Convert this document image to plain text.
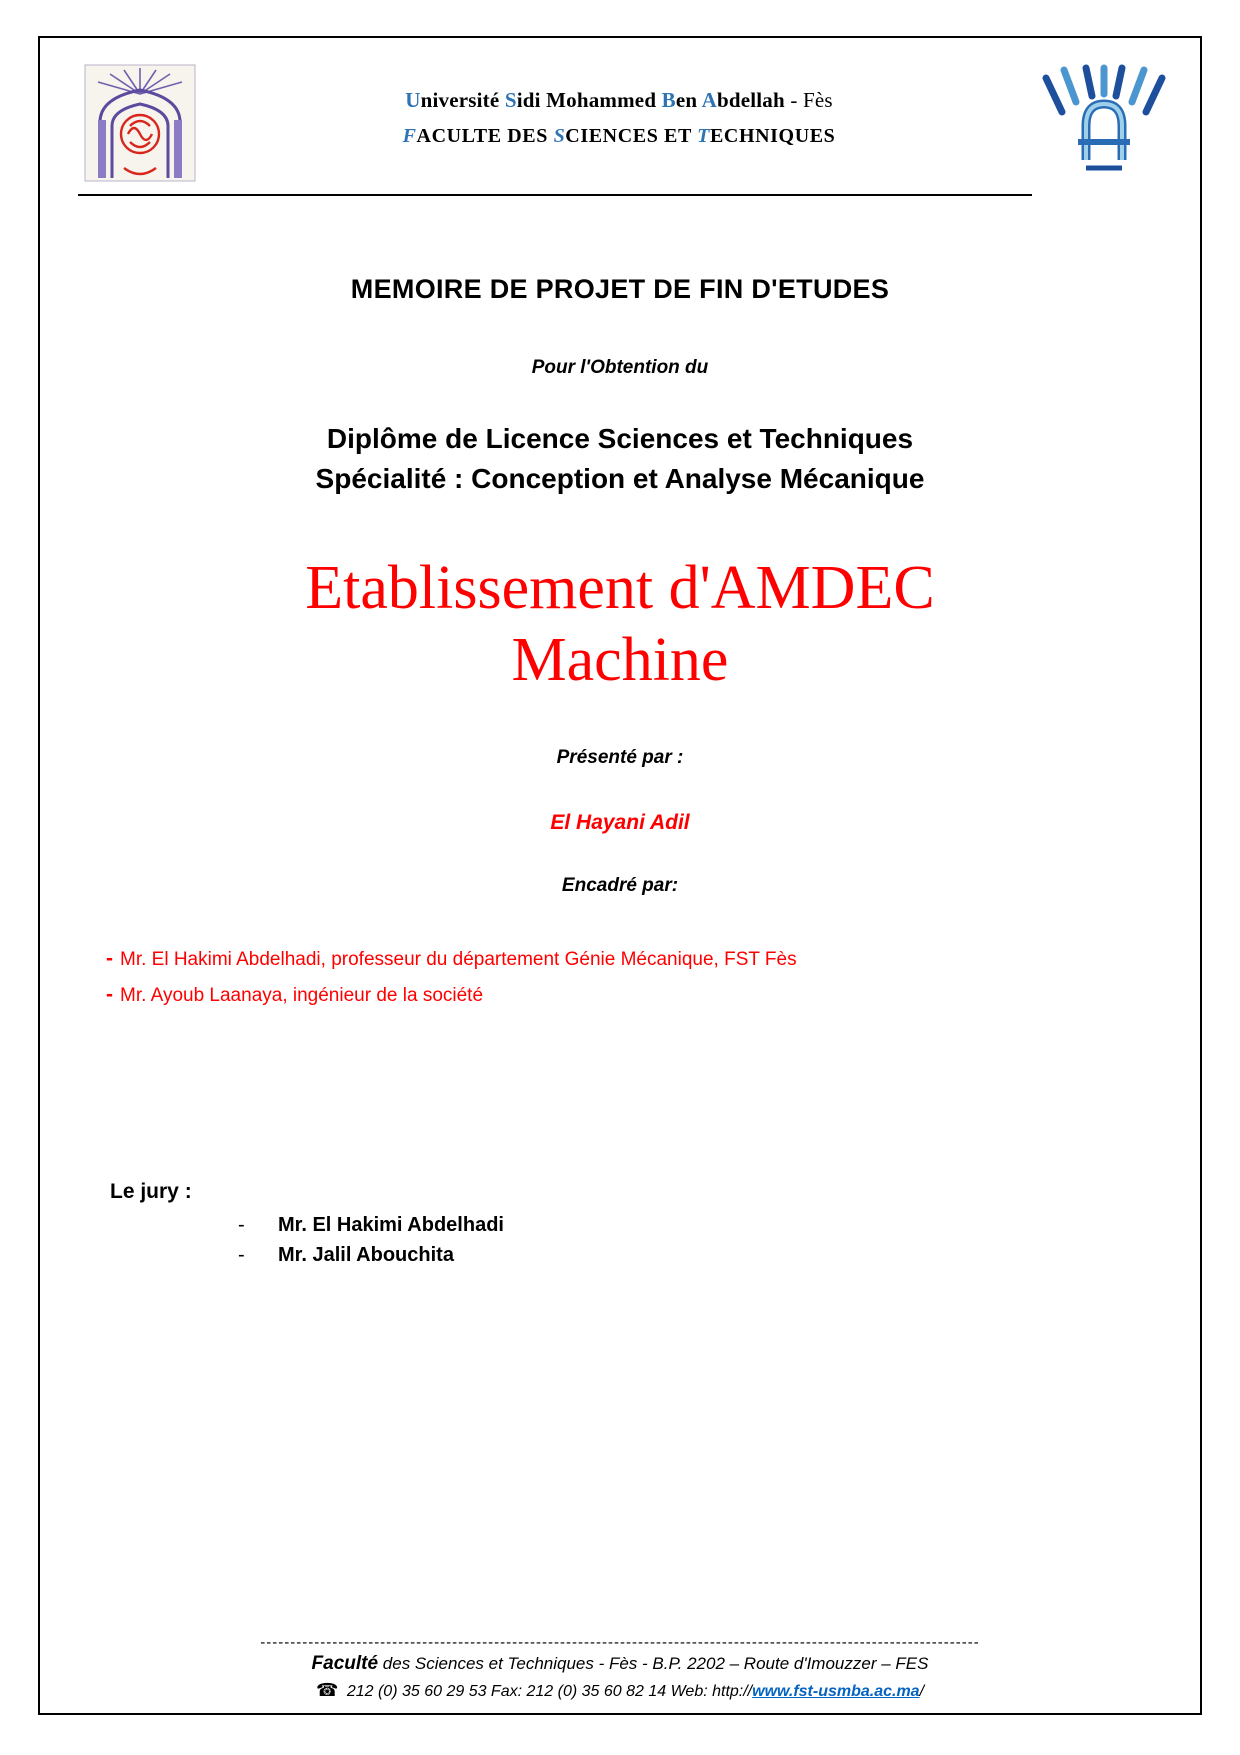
Université Sidi Mohammed Ben Abdellah - Fès
FACULTE DES SCIENCES ET TECHNIQUES
MEMOIRE DE PROJET DE FIN D'ETUDES
Pour l'Obtention du
Diplôme de Licence Sciences et Techniques
Spécialité : Conception et Analyse Mécanique
Etablissement d'AMDEC
Machine
Présenté par :
El Hayani Adil
Encadré par:
- Mr. El Hakimi Abdelhadi, professeur du département Génie Mécanique, FST Fès
- Mr. Ayoub Laanaya, ingénieur de la société
Le jury :
-	Mr. El Hakimi Abdelhadi
-	Mr. Jalil Abouchita
------------------------------------------------------------------------------------------------------------------------
Faculté des Sciences et Techniques - Fès - B.P. 2202 – Route d'Imouzzer – FES
☎ 212 (0) 35 60 29 53 Fax: 212 (0) 35 60 82 14 Web: http://www.fst-usmba.ac.ma/
